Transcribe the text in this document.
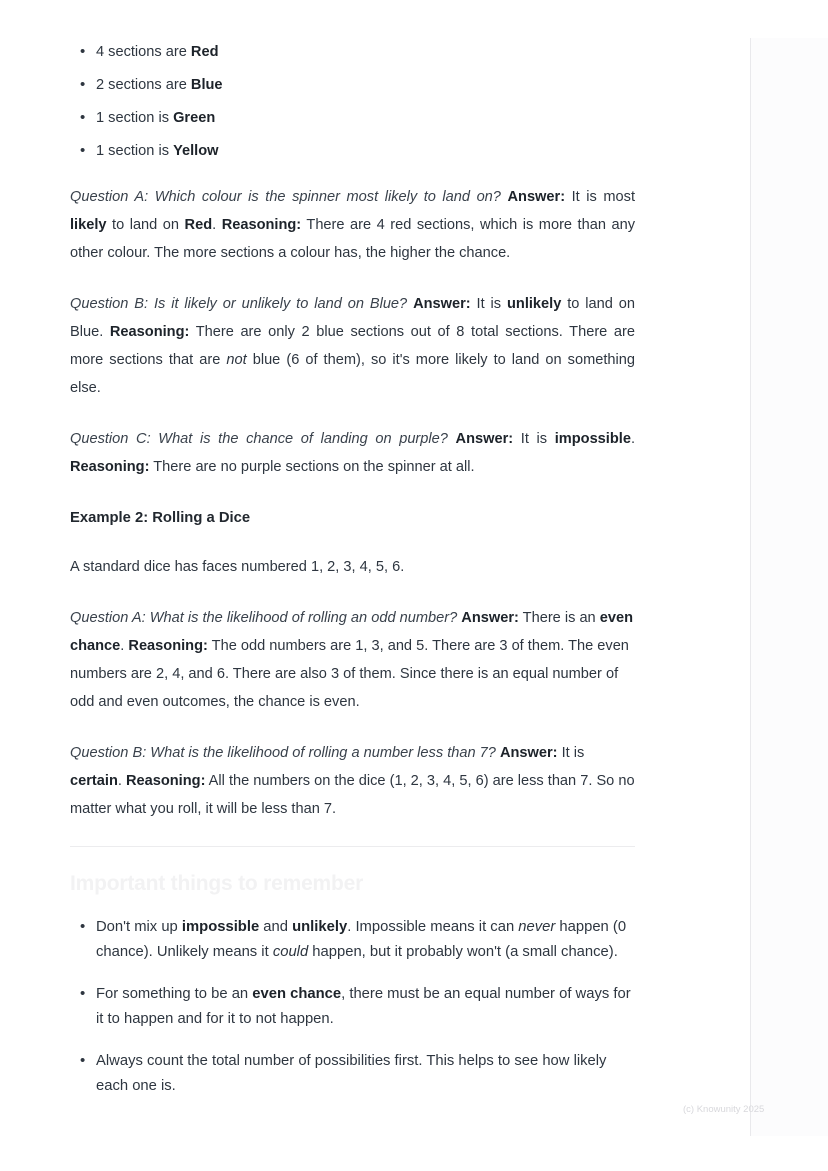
• 4 sections are Red
• 2 sections are Blue
• 1 section is Green
• 1 section is Yellow

Question A: Which colour is the spinner most likely to land on? Answer: It is most likely to land on Red. Reasoning: There are 4 red sections, which is more than any other colour. The more sections a colour has, the higher the chance.

Question B: Is it likely or unlikely to land on Blue? Answer: It is unlikely to land on Blue. Reasoning: There are only 2 blue sections out of 8 total sections. There are more sections that are not blue (6 of them), so it's more likely to land on something else.

Question C: What is the chance of landing on purple? Answer: It is impossible. Reasoning: There are no purple sections on the spinner at all.

Example 2: Rolling a Dice

A standard dice has faces numbered 1, 2, 3, 4, 5, 6.

Question A: What is the likelihood of rolling an odd number? Answer: There is an even chance. Reasoning: The odd numbers are 1, 3, and 5. There are 3 of them. The even numbers are 2, 4, and 6. There are also 3 of them. Since there is an equal number of odd and even outcomes, the chance is even.

Question B: What is the likelihood of rolling a number less than 7? Answer: It is certain. Reasoning: All the numbers on the dice (1, 2, 3, 4, 5, 6) are less than 7. So no matter what you roll, it will be less than 7.

Important things to remember
• Don't mix up impossible and unlikely. Impossible means it can never happen (0 chance). Unlikely means it could happen, but it probably won't (a small chance).
• For something to be an even chance, there must be an equal number of ways for it to happen and for it to not happen.
• Always count the total number of possibilities first. This helps to see how likely each one is.
(c) Knowunity 2025
